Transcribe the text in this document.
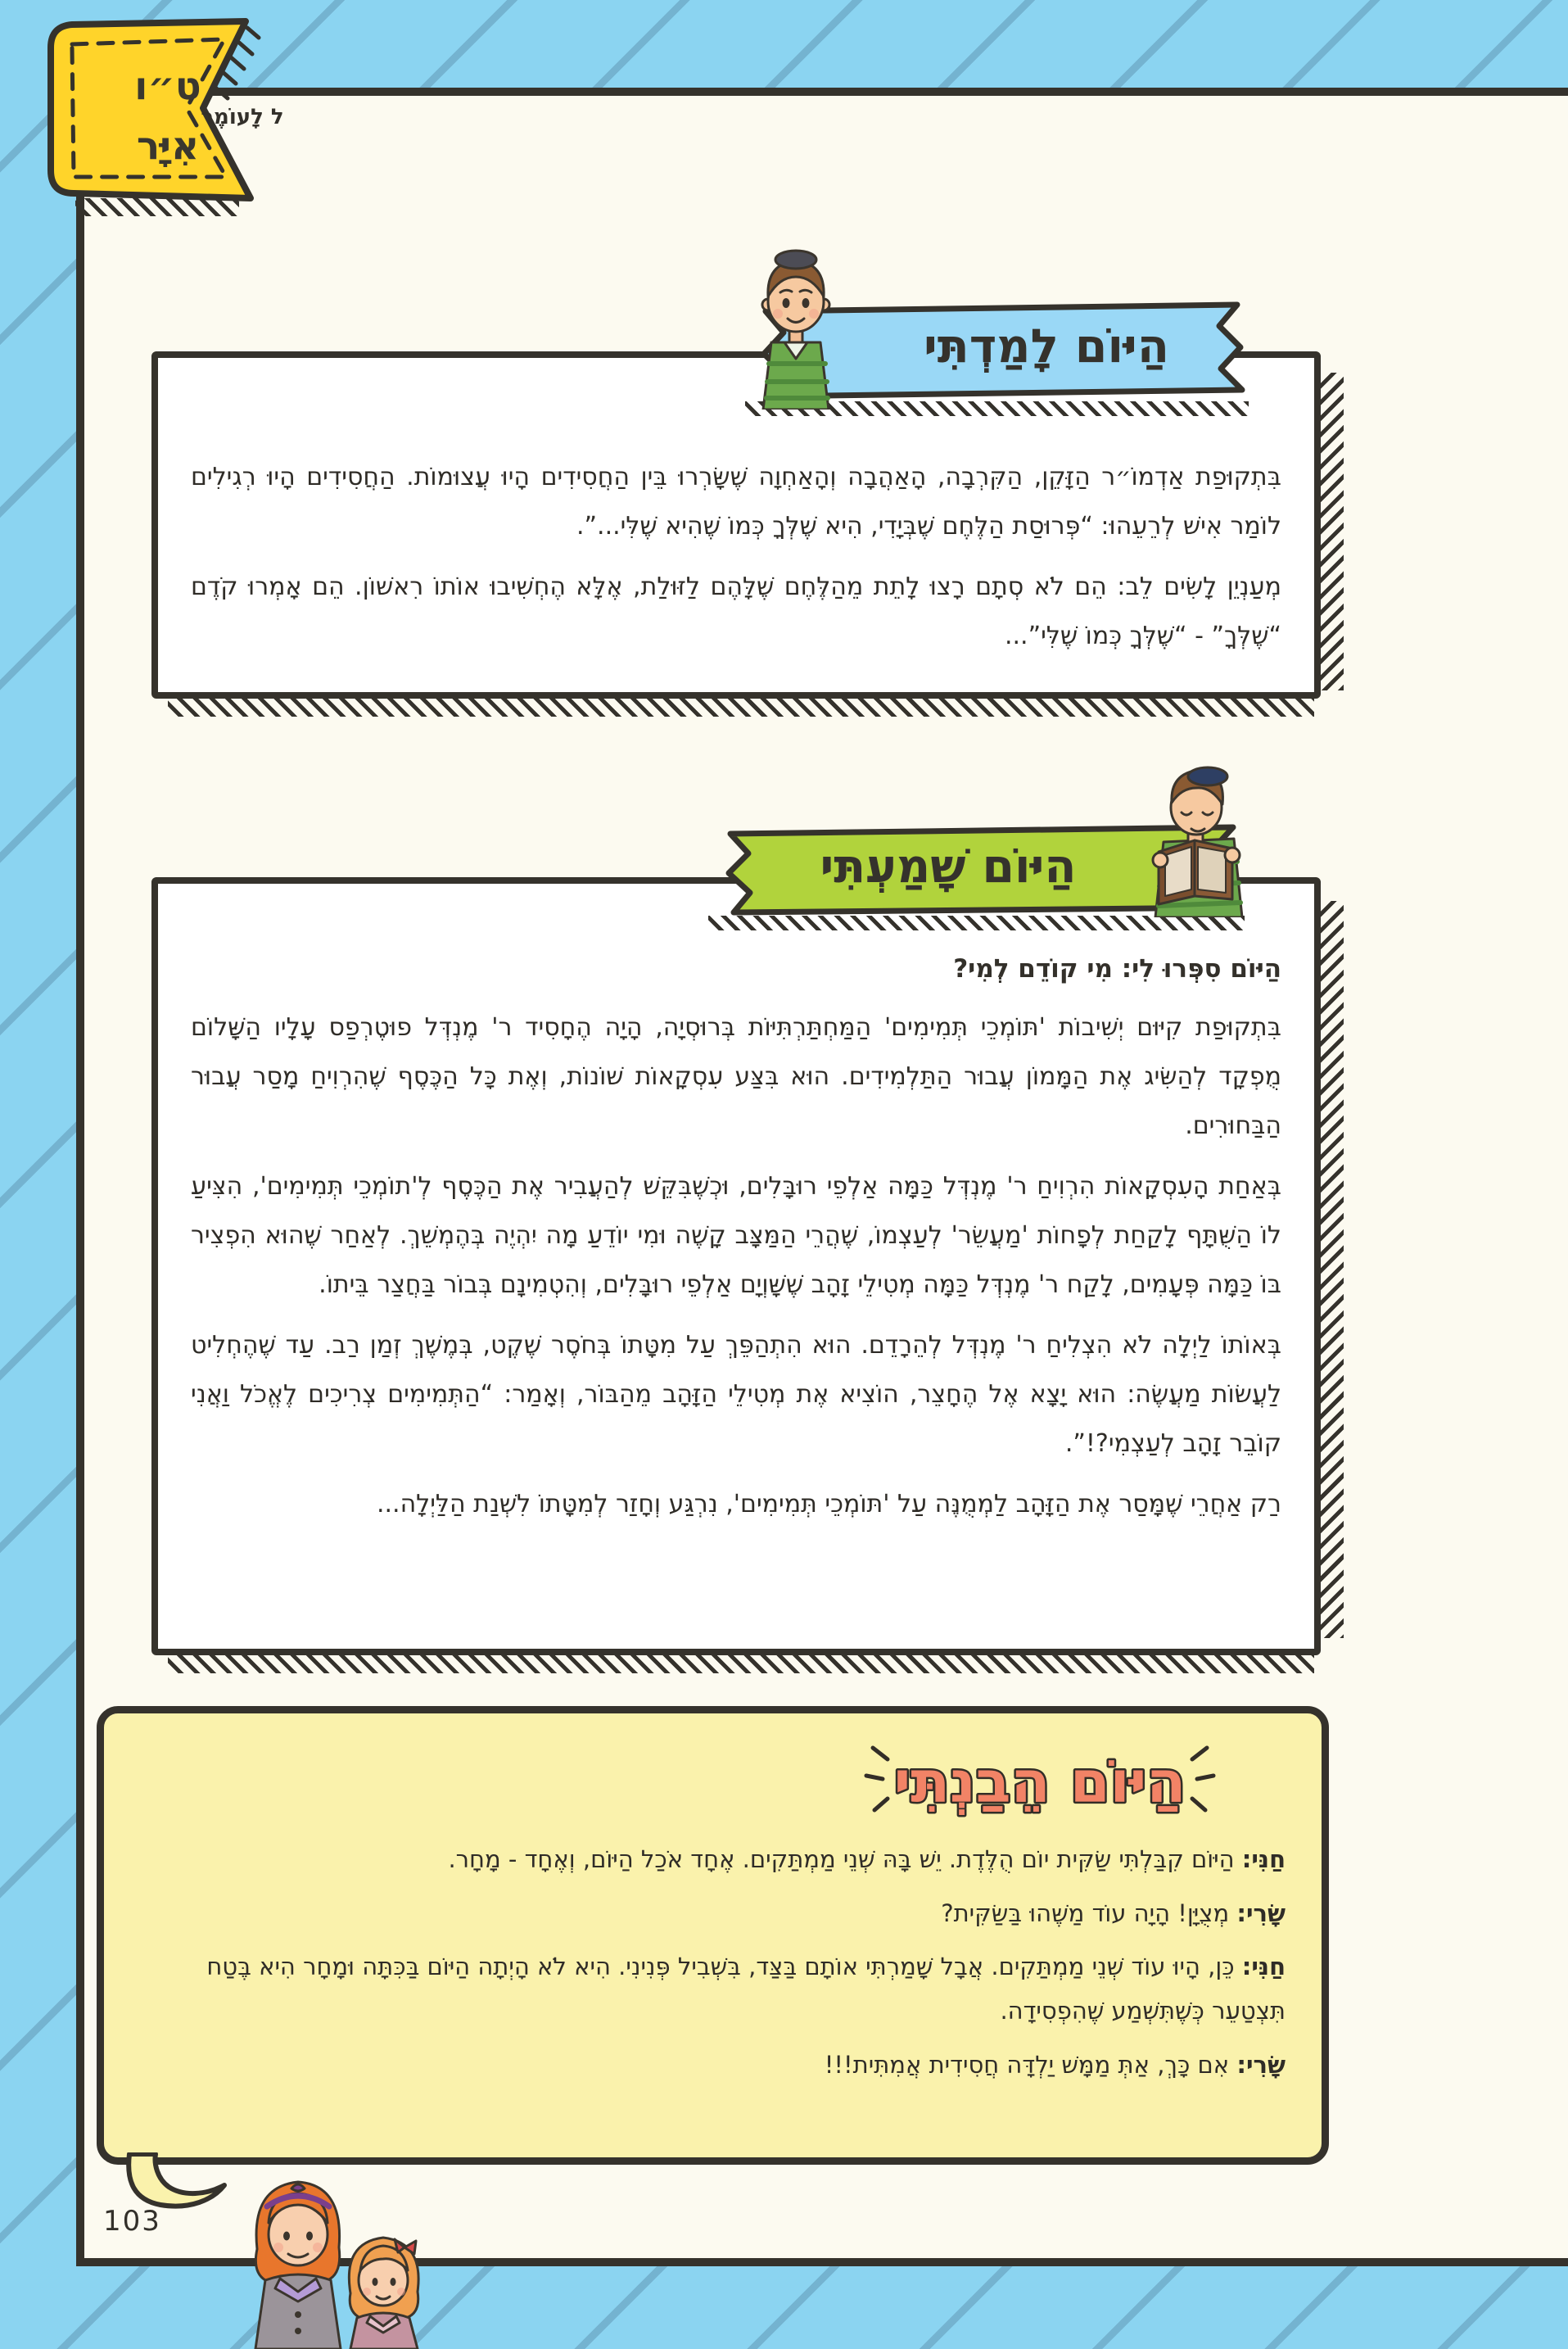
ט״ו
אִיָּר
ל לָעוֹמֶר

בִּתְקוּפַת אַדְמוֹ״ר הַזָּקֵן, הַקִּרְבָה, הָאַהֲבָה וְהָאַחְוָה שֶׁשָּׂרְרוּ בֵּין הַחֲסִידִים הָיוּ עֲצוּמוֹת. הַחֲסִידִים הָיוּ רְגִילִים לוֹמַר אִישׁ לְרֵעֵהוּ: “פְּרוּסַת הַלֶּחֶם שֶׁבְּיָדִי, הִיא שֶׁלְּךָ כְּמוֹ שֶׁהִיא שֶׁלִּי...”.

מְעַנְיֵן לָשִׂים לֵב: הֵם לֹא סְתָם רָצוּ לָתֵת מֵהַלֶּחֶם שֶׁלָּהֶם לַזּוּלַת, אֶלָּא הֶחְשִׁיבוּ אוֹתוֹ רִאשׁוֹן. הֵם אָמְרוּ קֹדֶם “שֶׁלְּךָ” - “שֶׁלְּךָ כְּמוֹ שֶׁלִּי”...

הַיּוֹם לָמַדְתִּי
הַיּוֹם סִפְּרוּ לִי: מִי קוֹדֵם לְמִי?

בִּתְקוּפַת קִיּוּם יְשִׁיבוֹת 'תּוֹמְכֵי תְּמִימִים' הַמַּחְתַּרְתִּיּוֹת בְּרוּסְיָה, הָיָה הֶחָסִיד ר' מֶנְדְּל פוּטֶרְפַס עָלָיו הַשָּׁלוֹם מֻפְקָד לְהַשִּׂיג אֶת הַמָּמוֹן עֲבוּר הַתַּלְמִידִים. הוּא בִּצַּע עִסְקָאוֹת שׁוֹנוֹת, וְאֶת כָּל הַכֶּסֶף שֶׁהִרְוִיחַ מָסַר עֲבוּר הַבַּחוּרִים.

בְּאַחַת הָעִסְקָאוֹת הִרְוִיחַ ר' מֶנְדְּל כַּמָּה אַלְפֵי רוּבָּלִים, וּכְשֶׁבִּקֵּשׁ לְהַעֲבִיר אֶת הַכֶּסֶף לְ'תוֹמְכֵי תְּמִימִים', הִצִּיעַ לוֹ הַשֻּׁתָּף לָקַחַת לְפָחוֹת 'מַעֲשֵׂר' לְעַצְמוֹ, שֶׁהֲרֵי הַמַּצָּב קָשֶׁה וּמִי יוֹדֵעַ מָה יִהְיֶה בְּהֶמְשֵׁךְ. לְאַחַר שֶׁהוּא הִפְצִיר בּוֹ כַּמָּה פְּעָמִים, לָקַח ר' מֶנְדְּל כַּמָּה מְטִילֵי זָהָב שֶׁשָּׁוְיָם אַלְפֵי רוּבָּלִים, וְהִטְמִינָם בְּבוֹר בַּחֲצַר בֵּיתוֹ.

בְּאוֹתוֹ לַיְלָה לֹא הִצְלִיחַ ר' מֶנְדְּל לְהֵרָדֵם. הוּא הִתְהַפֵּךְ עַל מִטָּתוֹ בְּחֹסֶר שֶׁקֶט, בְּמֶשֶׁךְ זְמַן רַב. עַד שֶׁהֶחְלִיט לַעֲשׂוֹת מַעֲשֶׂה: הוּא יָצָא אֶל הֶחָצֵר, הוֹצִיא אֶת מְטִילֵי הַזָּהָב מֵהַבּוֹר, וְאָמַר: “הַתְּמִימִים צְרִיכִים לֶאֱכֹל וַאֲנִי קוֹבֵר זָהָב לְעַצְמִי?!”.

רַק אַחֲרֵי שֶׁמָּסַר אֶת הַזָּהָב לַמְמֻנֶּה עַל 'תּוֹמְכֵי תְּמִימִים', נִרְגַּע וְחָזַר לְמִטָּתוֹ לִשְׁנַת הַלַּיְלָה...

הַיּוֹם שָׁמַעְתִּי

חַנִּי: הַיּוֹם קִבַּלְתִּי שַׂקִּית יוֹם הֻלֶּדֶת. יֵשׁ בָּהּ שְׁנֵי מַמְתַּקִים. אֶחָד אֹכַל הַיּוֹם, וְאֶחָד - מָחָר.

שָׂרִי: מְצֻיָּן! הָיָה עוֹד מַשֶּׁהוּ בַּשַּׂקִּית?

חַנִּי: כֵּן, הָיוּ עוֹד שְׁנֵי מַמְתַּקִים. אֲבָל שָׁמַרְתִּי אוֹתָם בַּצַּד, בִּשְׁבִיל פְּנִינִי. הִיא לֹא הָיְתָה הַיּוֹם בַּכִּתָּה וּמָחָר הִיא בֶּטַח תִּצְטַעֵר כְּשֶׁתִּשְׁמַע שֶׁהִפְסִידָה.

שָׂרִי: אִם כָּךְ, אַתְּ מַמָּשׁ יַלְדָּה חֲסִידִית אֲמִתִּית!!!

הַיּוֹם הֵבַנְתִּי
103
